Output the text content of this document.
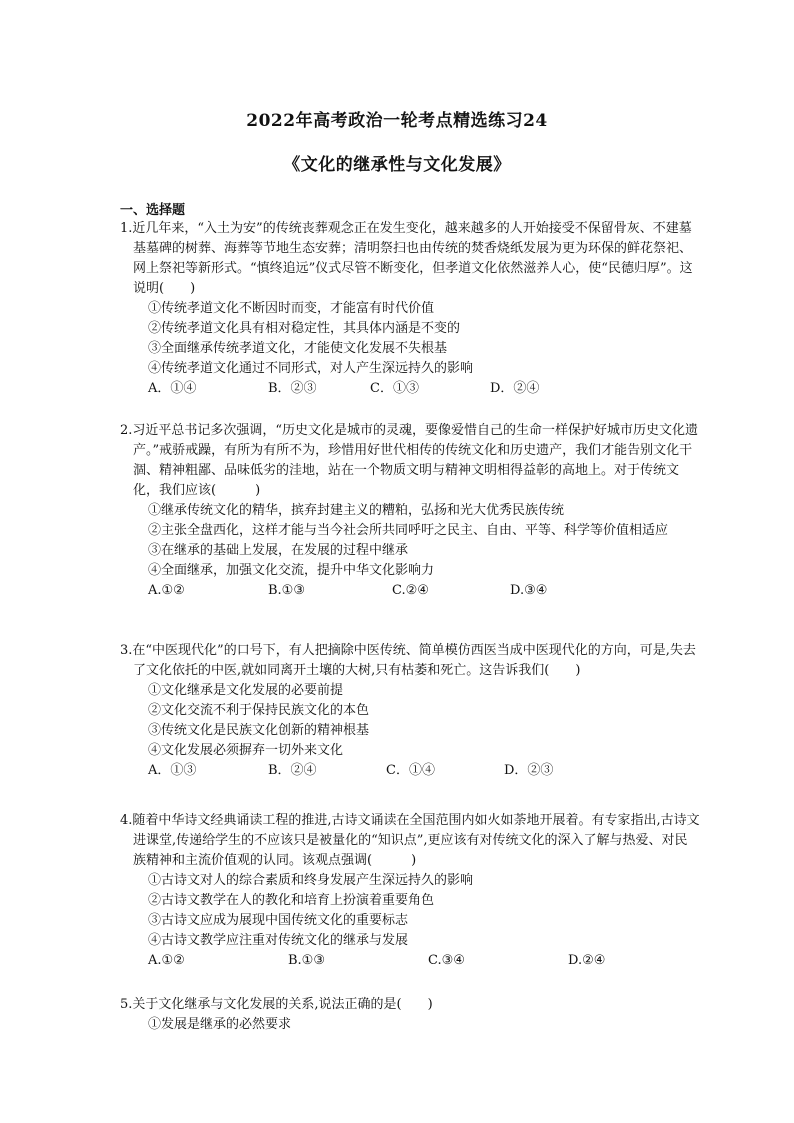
2022年高考政治一轮考点精选练习24
《文化的继承性与文化发展》
一、选择题

1.近几年来，“入土为安”的传统丧葬观念正在发生变化，越来越多的人开始接受不保留骨灰、不建墓基墓碑的树葬、海葬等节地生态安葬；清明祭扫也由传统的焚香烧纸发展为更为环保的鲜花祭祀、网上祭祀等新形式。“慎终追远”仪式尽管不断变化，但孝道文化依然滋养人心，使“民德归厚”。这说明(　　)

①传统孝道文化不断因时而变，才能富有时代价值

②传统孝道文化具有相对稳定性，其具体内涵是不变的

③全面继承传统孝道文化，才能使文化发展不失根基

④传统孝道文化通过不同形式，对人产生深远持久的影响

A．①④	B．②③	C．①③	D．②④

2.习近平总书记多次强调，“历史文化是城市的灵魂，要像爱惜自己的生命一样保护好城市历史文化遗产。”戒骄戒躁，有所为有所不为，珍惜用好世代相传的传统文化和历史遗产，我们才能告别文化干涸、精神粗鄙、品味低劣的洼地，站在一个物质文明与精神文明相得益彰的高地上。对于传统文化，我们应该(　　　)

①继承传统文化的精华，摈弃封建主义的糟粕，弘扬和光大优秀民族传统

②主张全盘西化，这样才能与当今社会所共同呼吁之民主、自由、平等、科学等价值相适应

③在继承的基础上发展，在发展的过程中继承

④全面继承，加强文化交流，提升中华文化影响力

A.①②	B.①③	C.②④	D.③④

3.在“中医现代化”的口号下，有人把摘除中医传统、简单模仿西医当成中医现代化的方向，可是,失去了文化依托的中医,就如同离开土壤的大树,只有枯萎和死亡。这告诉我们(　　)

①文化继承是文化发展的必要前提

②文化交流不利于保持民族文化的本色

③传统文化是民族文化创新的精神根基

④文化发展必须摒弃一切外来文化

A．①③	B．②④	C．①④	D．②③

4.随着中华诗文经典诵读工程的推进,古诗文诵读在全国范围内如火如荼地开展着。有专家指出,古诗文进课堂,传递给学生的不应该只是被量化的“知识点”,更应该有对传统文化的深入了解与热爱、对民族精神和主流价值观的认同。该观点强调(　　　)

①古诗文对人的综合素质和终身发展产生深远持久的影响

②古诗文教学在人的教化和培育上扮演着重要角色

③古诗文应成为展现中国传统文化的重要标志

④古诗文教学应注重对传统文化的继承与发展

A.①②	B.①③	C.③④	D.②④

5.关于文化继承与文化发展的关系,说法正确的是(　　)

①发展是继承的必然要求
